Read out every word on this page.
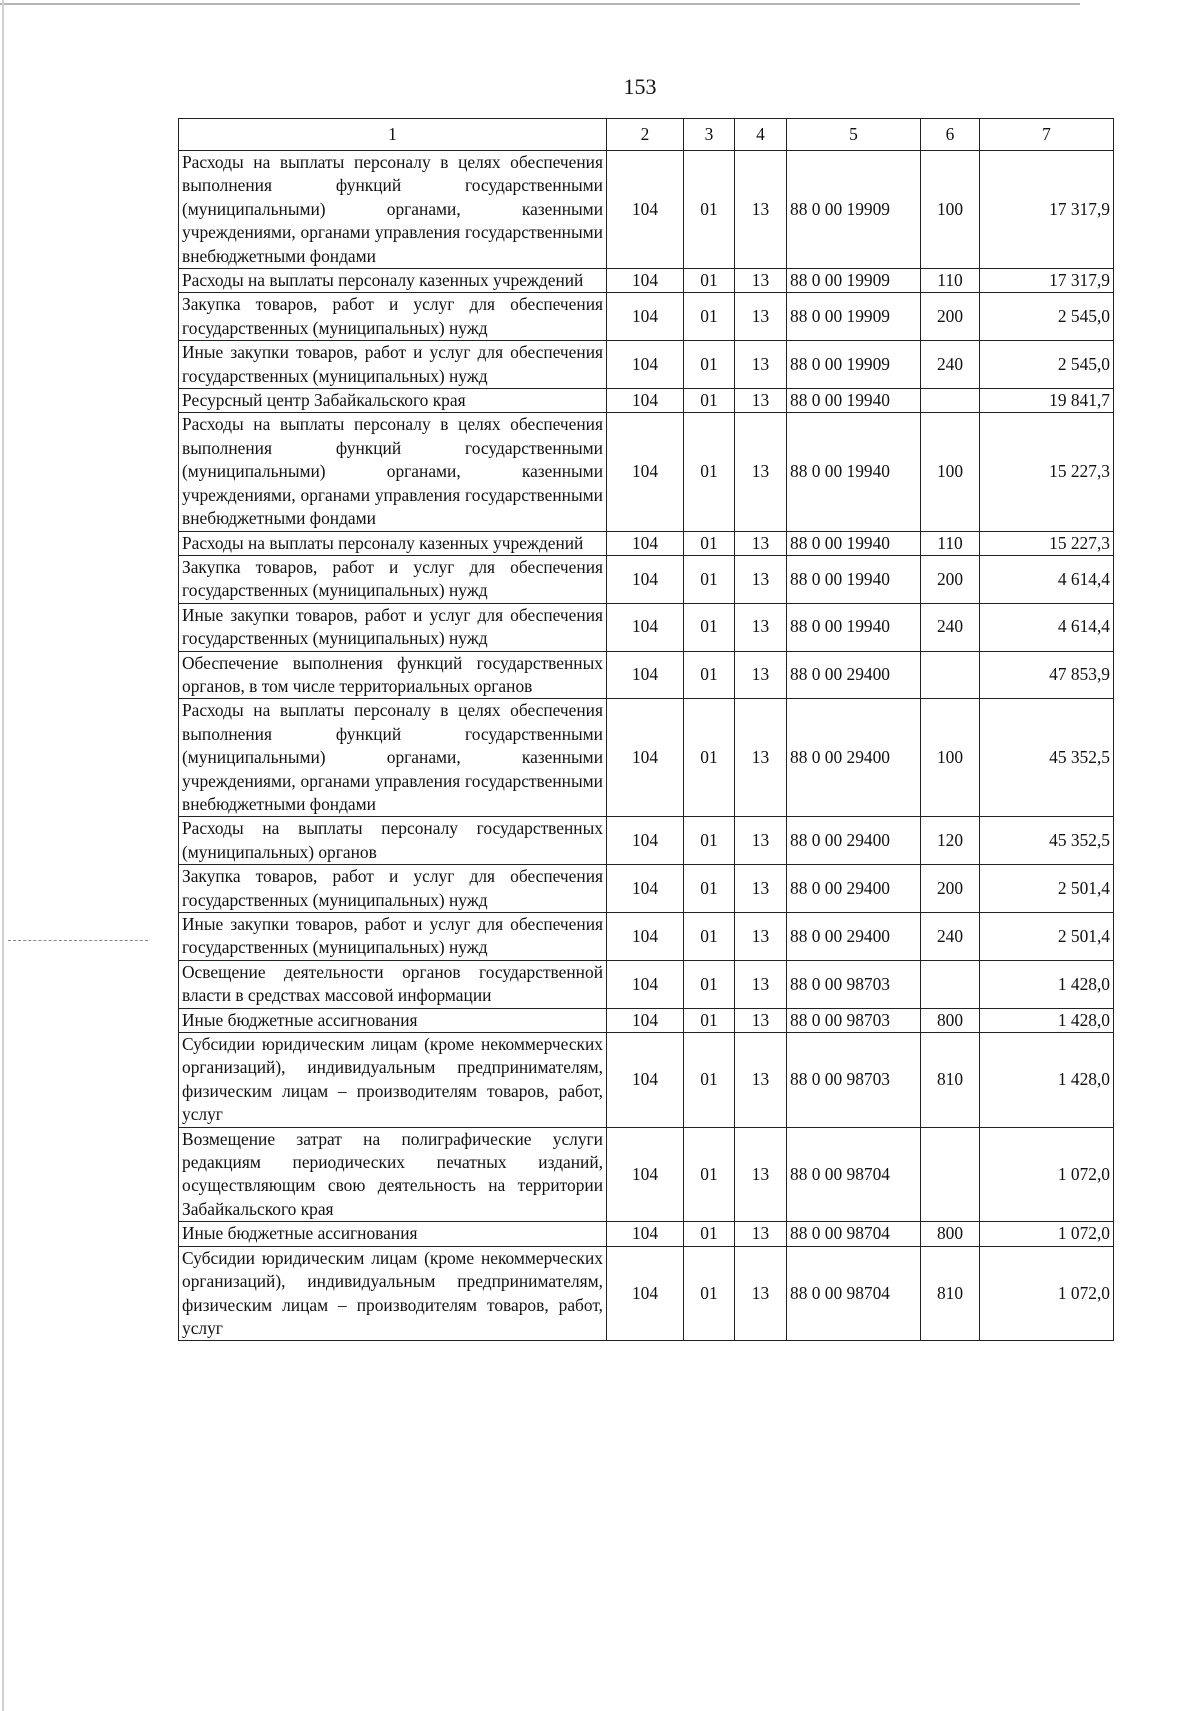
153
1	2	3	4	5	6	7
Расходы на выплаты персоналу в целях обеспечения выполнения функций государственными (муниципальными) органами, казенными учреждениями, органами управления государственными внебюджетными фондами	104	01	13	88 0 00 19909	100	17 317,9
Расходы на выплаты персоналу казенных учреждений	104	01	13	88 0 00 19909	110	17 317,9
Закупка товаров, работ и услуг для обеспечения государственных (муниципальных) нужд	104	01	13	88 0 00 19909	200	2 545,0
Иные закупки товаров, работ и услуг для обеспечения государственных (муниципальных) нужд	104	01	13	88 0 00 19909	240	2 545,0
Ресурсный центр Забайкальского края	104	01	13	88 0 00 19940		19 841,7
Расходы на выплаты персоналу в целях обеспечения выполнения функций государственными (муниципальными) органами, казенными учреждениями, органами управления государственными внебюджетными фондами	104	01	13	88 0 00 19940	100	15 227,3
Расходы на выплаты персоналу казенных учреждений	104	01	13	88 0 00 19940	110	15 227,3
Закупка товаров, работ и услуг для обеспечения государственных (муниципальных) нужд	104	01	13	88 0 00 19940	200	4 614,4
Иные закупки товаров, работ и услуг для обеспечения государственных (муниципальных) нужд	104	01	13	88 0 00 19940	240	4 614,4
Обеспечение выполнения функций государственных органов, в том числе территориальных органов	104	01	13	88 0 00 29400		47 853,9
Расходы на выплаты персоналу в целях обеспечения выполнения функций государственными (муниципальными) органами, казенными учреждениями, органами управления государственными внебюджетными фондами	104	01	13	88 0 00 29400	100	45 352,5
Расходы на выплаты персоналу государственных (муниципальных) органов	104	01	13	88 0 00 29400	120	45 352,5
Закупка товаров, работ и услуг для обеспечения государственных (муниципальных) нужд	104	01	13	88 0 00 29400	200	2 501,4
Иные закупки товаров, работ и услуг для обеспечения государственных (муниципальных) нужд	104	01	13	88 0 00 29400	240	2 501,4
Освещение деятельности органов государственной власти в средствах массовой информации	104	01	13	88 0 00 98703		1 428,0
Иные бюджетные ассигнования	104	01	13	88 0 00 98703	800	1 428,0
Субсидии юридическим лицам (кроме некоммерческих организаций), индивидуальным предпринимателям, физическим лицам – производителям товаров, работ, услуг	104	01	13	88 0 00 98703	810	1 428,0
Возмещение затрат на полиграфические услуги редакциям периодических печатных изданий, осуществляющим свою деятельность на территории Забайкальского края	104	01	13	88 0 00 98704		1 072,0
Иные бюджетные ассигнования	104	01	13	88 0 00 98704	800	1 072,0
Субсидии юридическим лицам (кроме некоммерческих организаций), индивидуальным предпринимателям, физическим лицам – производителям товаров, работ, услуг	104	01	13	88 0 00 98704	810	1 072,0
